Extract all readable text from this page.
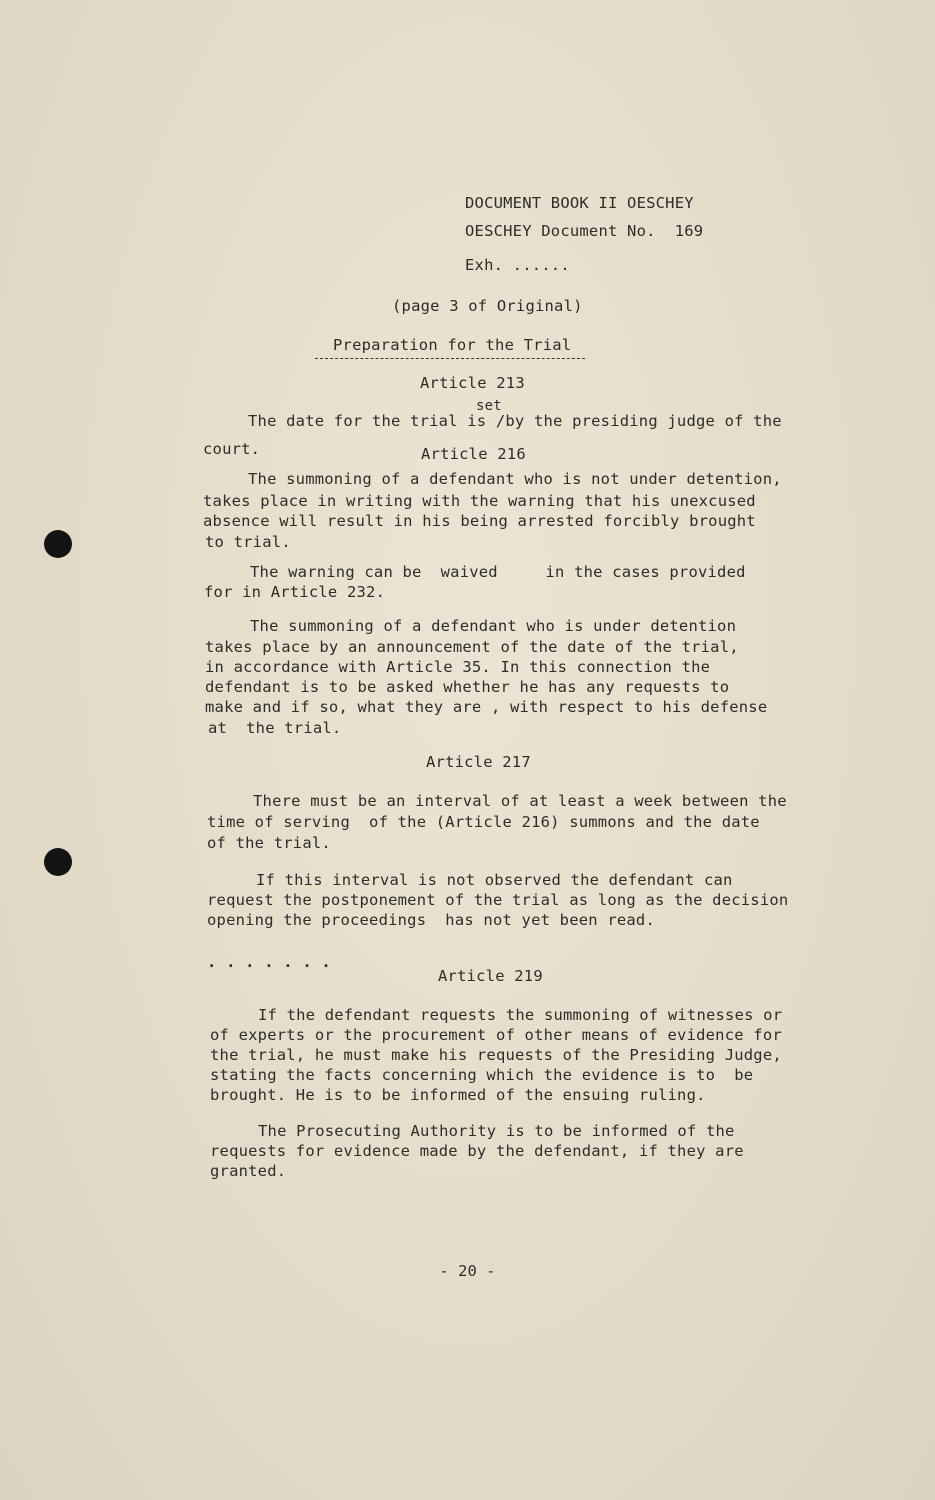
DOCUMENT BOOK II OESCHEY
OESCHEY Document No.  169
Exh. ......
(page 3 of Original)
Preparation for the Trial
Article 213
set
The date for the trial is /by the presiding judge of the
court.	Article 216
The summoning of a defendant who is not under detention,
takes place in writing with the warning that his unexcused
absence will result in his being arrested forcibly brought
to trial.
The warning can be  waived     in the cases provided
for in Article 232.
The summoning of a defendant who is under detention
takes place by an announcement of the date of the trial,
in accordance with Article 35. In this connection the
defendant is to be asked whether he has any requests to
make and if so, what they are , with respect to his defense
at  the trial.
Article 217
There must be an interval of at least a week between the
time of serving  of the (Article 216) summons and the date
of the trial.
If this interval is not observed the defendant can
request the postponement of the trial as long as the decision
opening the proceedings  has not yet been read.
. . . . . . .
Article 219
If the defendant requests the summoning of witnesses or
of experts or the procurement of other means of evidence for
the trial, he must make his requests of the Presiding Judge,
stating the facts concerning which the evidence is to  be
brought. He is to be informed of the ensuing ruling.
The Prosecuting Authority is to be informed of the
requests for evidence made by the defendant, if they are
granted.
- 20 -
